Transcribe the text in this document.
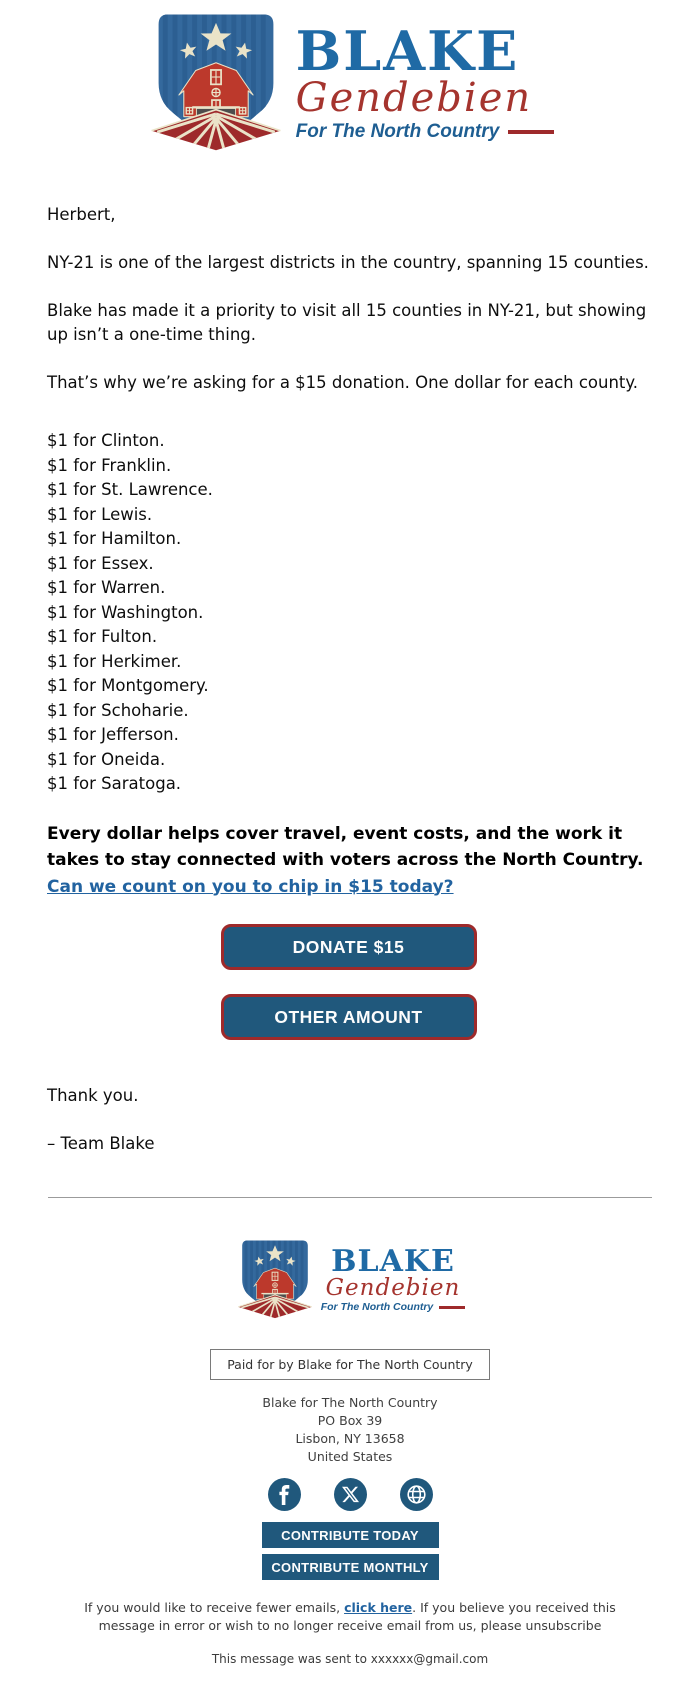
BLAKE
Gendebien
For The North Country

Herbert,

NY-21 is one of the largest districts in the country, spanning 15 counties.

Blake has made it a priority to visit all 15 counties in NY-21, but showing up isn’t a one-time thing.

That’s why we’re asking for a $15 donation. One dollar for each county.

$1 for Clinton.
$1 for Franklin.
$1 for St. Lawrence.
$1 for Lewis.
$1 for Hamilton.
$1 for Essex.
$1 for Warren.
$1 for Washington.
$1 for Fulton.
$1 for Herkimer.
$1 for Montgomery.
$1 for Schoharie.
$1 for Jefferson.
$1 for Oneida.
$1 for Saratoga.

Every dollar helps cover travel, event costs, and the work it takes to stay connected with voters across the North Country. Can we count on you to chip in $15 today?

DONATE $15
OTHER AMOUNT

Thank you.

– Team Blake

BLAKE
Gendebien
For The North Country
Paid for by Blake for The North Country
Blake for The North Country
PO Box 39
Lisbon, NY 13658
United States
CONTRIBUTE TODAY
CONTRIBUTE MONTHLY
If you would like to receive fewer emails, click here. If you believe you received this message in error or wish to no longer receive email from us, please unsubscribe
This message was sent to xxxxxx@gmail.com
